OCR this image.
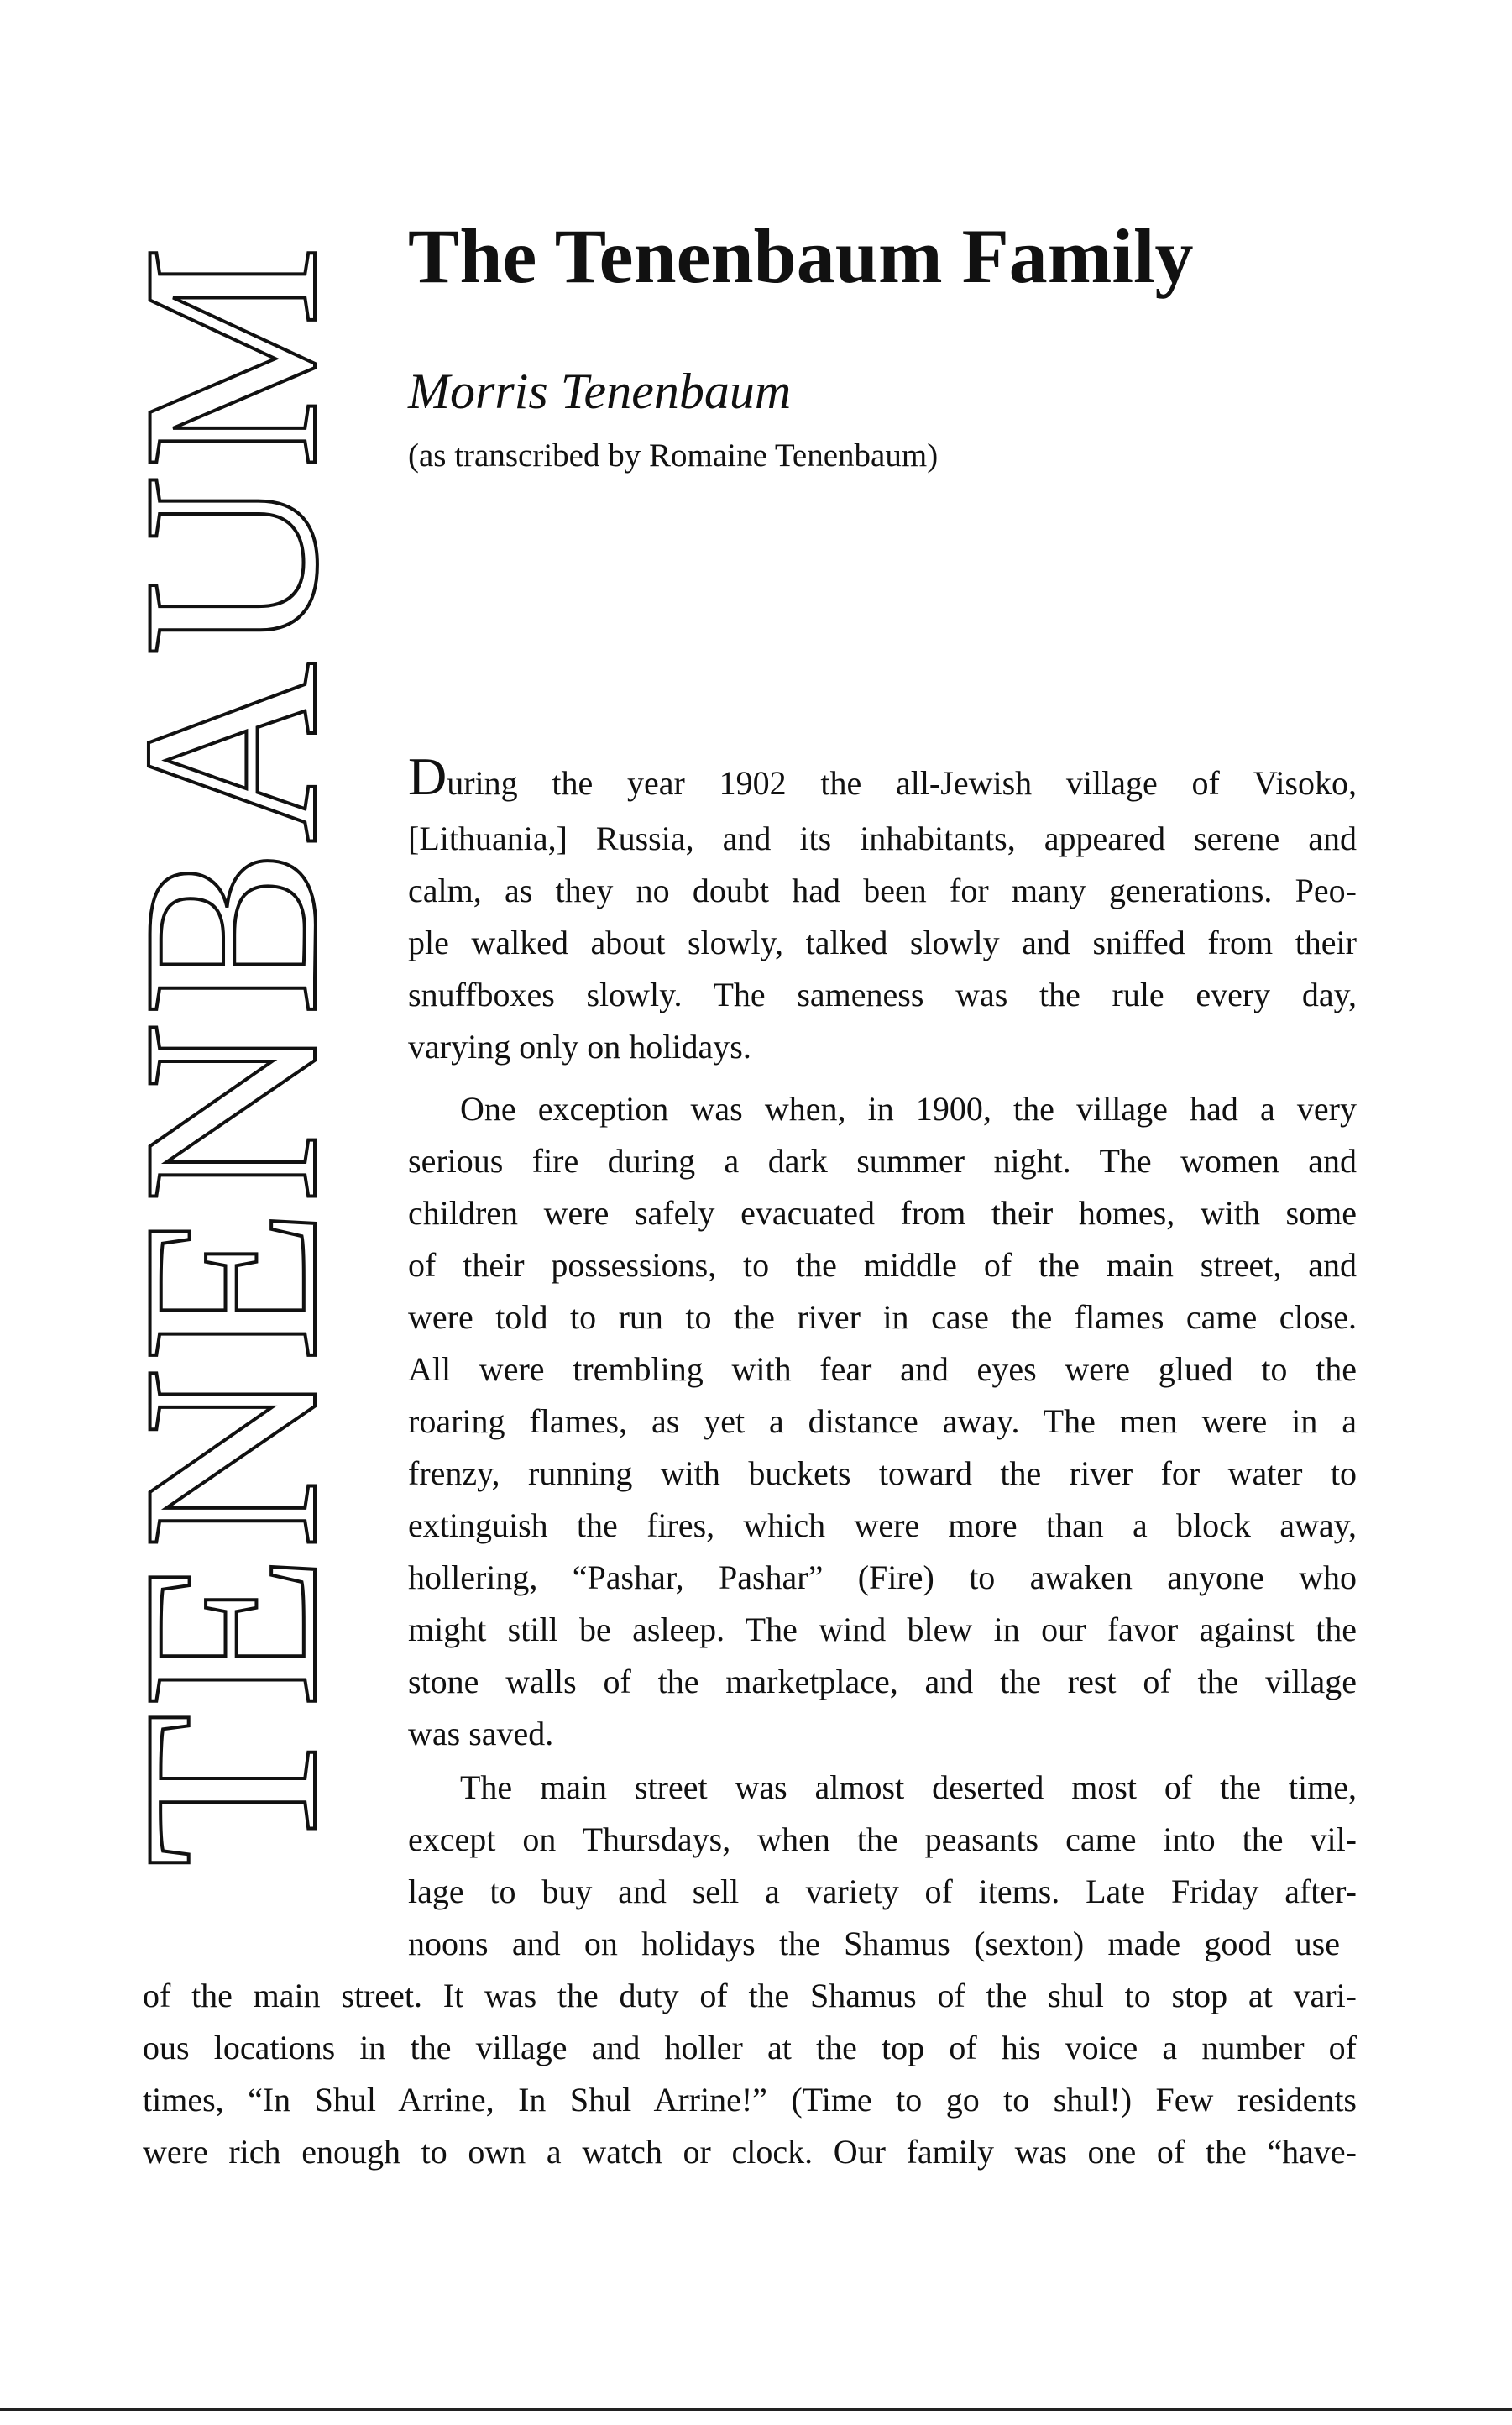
TENENBAUM The Tenenbaum Family

Morris Tenenbaum

(as transcribed by Romaine Tenenbaum)

During the year 1902 the all-Jewish village of Visoko,
[Lithuania,] Russia, and its inhabitants, appeared serene and
calm, as they no doubt had been for many generations. Peo-
ple walked about slowly, talked slowly and sniffed from their
snuffboxes slowly. The sameness was the rule every day,
varying only on holidays.
One exception was when, in 1900, the village had a very
serious fire during a dark summer night. The women and
children were safely evacuated from their homes, with some
of their possessions, to the middle of the main street, and
were told to run to the river in case the flames came close.
All were trembling with fear and eyes were glued to the
roaring flames, as yet a distance away. The men were in a
frenzy, running with buckets toward the river for water to
extinguish the fires, which were more than a block away,
hollering, “Pashar, Pashar” (Fire) to awaken anyone who
might still be asleep. The wind blew in our favor against the
stone walls of the marketplace, and the rest of the village
was saved.
The main street was almost deserted most of the time,
except on Thursdays, when the peasants came into the vil-
lage to buy and sell a variety of items. Late Friday after-
noons and on holidays the Shamus (sexton) made good use
of the main street. It was the duty of the Shamus of the shul to stop at vari-
ous locations in the village and holler at the top of his voice a number of
times, “In Shul Arrine, In Shul Arrine!” (Time to go to shul!) Few residents
were rich enough to own a watch or clock. Our family was one of the “have-
